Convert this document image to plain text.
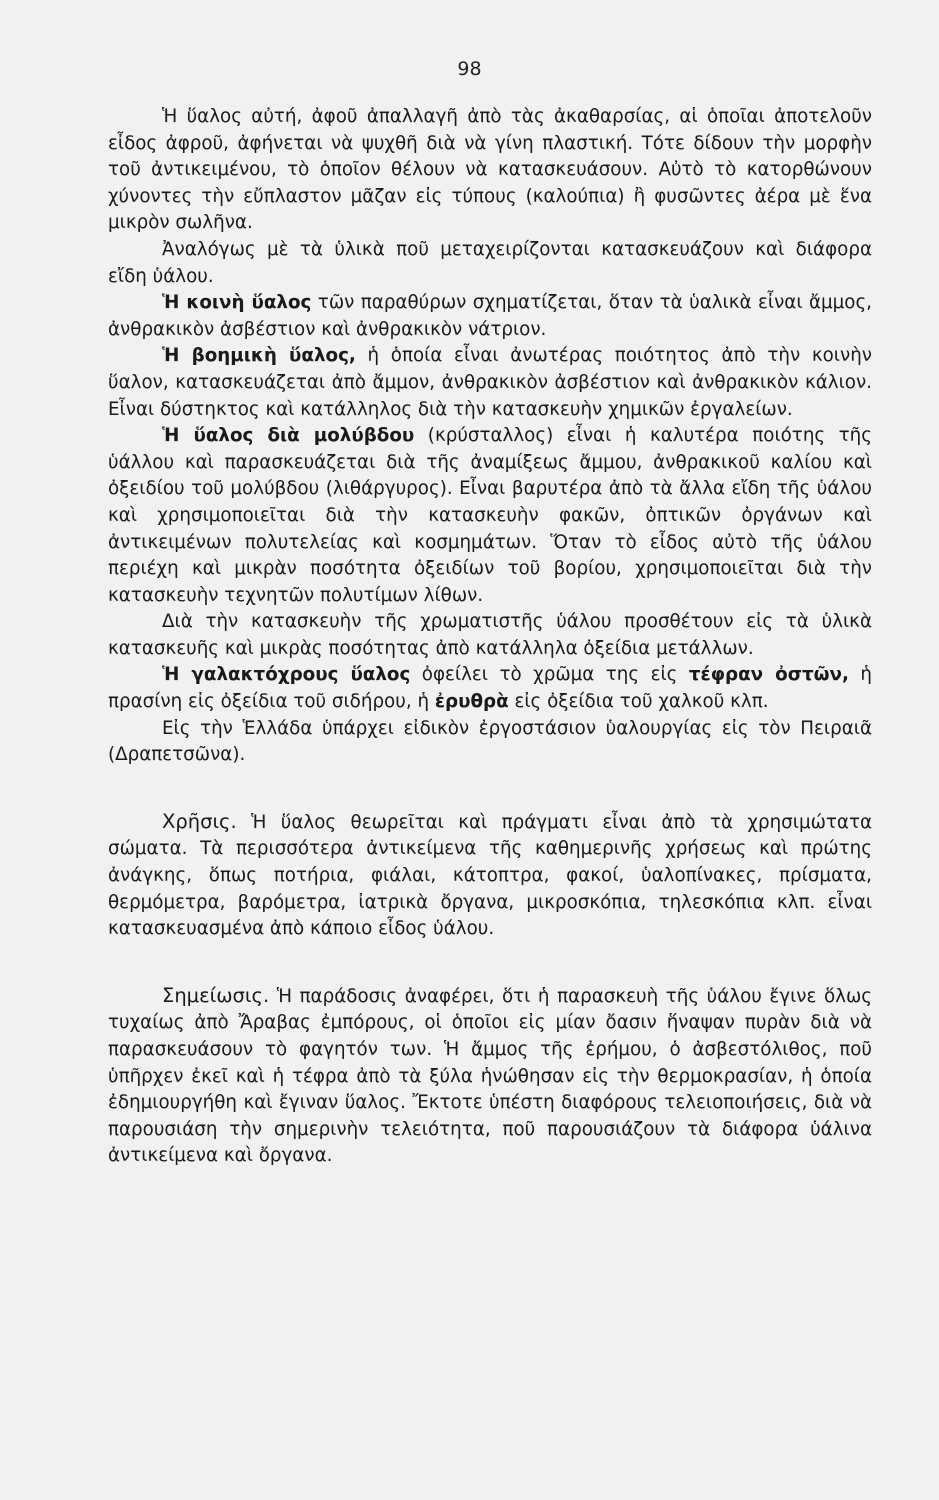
98

Ἡ ὕαλος αὐτή, ἀφοῦ ἀπαλλαγῆ ἀπὸ τὰς ἀκαθαρσίας, αἱ ὁποῖαι ἀποτελοῦν εἶδος ἀφροῦ, ἀφήνεται νὰ ψυχθῆ διὰ νὰ γίνη πλαστική. Τότε δίδουν τὴν μορφὴν τοῦ ἀντικειμένου, τὸ ὁποῖον θέλουν νὰ κατασκευάσουν. Αὐτὸ τὸ κατορθώνουν χύνοντες τὴν εὔπλαστον μᾶζαν εἰς τύπους (καλούπια) ἢ φυσῶντες ἀέρα μὲ ἕνα μικρὸν σωλῆνα.

Ἀναλόγως μὲ τὰ ὑλικὰ ποῦ μεταχειρίζονται κατασκευάζουν καὶ διάφορα εἴδη ὑάλου.

Ἡ κοινὴ ὕαλος τῶν παραθύρων σχηματίζεται, ὅταν τὰ ὑαλικὰ εἶναι ἄμμος, ἀνθρακικὸν ἀσβέστιον καὶ ἀνθρακικὸν νάτριον.

Ἡ βοημικὴ ὕαλος, ἡ ὁποία εἶναι ἀνωτέρας ποιότητος ἀπὸ τὴν κοινὴν ὕαλον, κατασκευάζεται ἀπὸ ἄμμον, ἀνθρακικὸν ἀσβέστιον καὶ ἀνθρακικὸν κάλιον. Εἶναι δύστηκτος καὶ κατάλληλος διὰ τὴν κατασκευὴν χημικῶν ἐργαλείων.

Ἡ ὕαλος διὰ μολύβδου (κρύσταλλος) εἶναι ἡ καλυτέρα ποιότης τῆς ὑάλλου καὶ παρασκευάζεται διὰ τῆς ἀναμίξεως ἄμμου, ἀνθρακικοῦ καλίου καὶ ὀξειδίου τοῦ μολύβδου (λιθάργυρος). Εἶναι βαρυτέρα ἀπὸ τὰ ἄλλα εἴδη τῆς ὑάλου καὶ χρησιμοποιεῖται διὰ τὴν κατασκευὴν φακῶν, ὀπτικῶν ὀργάνων καὶ ἀντικειμένων πολυτελείας καὶ κοσμημάτων. Ὅταν τὸ εἶδος αὐτὸ τῆς ὑάλου περιέχη καὶ μικρὰν ποσότητα ὀξειδίων τοῦ βορίου, χρησιμοποιεῖται διὰ τὴν κατασκευὴν τεχνητῶν πολυτίμων λίθων.

Διὰ τὴν κατασκευὴν τῆς χρωματιστῆς ὑάλου προσθέτουν εἰς τὰ ὑλικὰ κατασκευῆς καὶ μικρὰς ποσότητας ἀπὸ κατάλληλα ὀξείδια μετάλλων.

Ἡ γαλακτόχρους ὕαλος ὀφείλει τὸ χρῶμα της εἰς τέφραν ὀστῶν, ἡ πρασίνη εἰς ὀξείδια τοῦ σιδήρου, ἡ ἐρυθρὰ εἰς ὀξείδια τοῦ χαλκοῦ κλπ.

Εἰς τὴν Ἑλλάδα ὑπάρχει εἰδικὸν ἐργοστάσιον ὑαλουργίας εἰς τὸν Πειραιᾶ (Δραπετσῶνα).

Χρῆσις. Ἡ ὕαλος θεωρεῖται καὶ πράγματι εἶναι ἀπὸ τὰ χρησιμώτατα σώματα. Τὰ περισσότερα ἀντικείμενα τῆς καθημερινῆς χρήσεως καὶ πρώτης ἀνάγκης, ὅπως ποτήρια, φιάλαι, κάτοπτρα, φακοί, ὑαλοπίνακες, πρίσματα, θερμόμετρα, βαρόμετρα, ἰατρικὰ ὄργανα, μικροσκόπια, τηλεσκόπια κλπ. εἶναι κατασκευασμένα ἀπὸ κάποιο εἶδος ὑάλου.

Σημείωσις. Ἡ παράδοσις ἀναφέρει, ὅτι ἡ παρασκευὴ τῆς ὑάλου ἔγινε ὅλως τυχαίως ἀπὸ Ἄραβας ἐμπόρους, οἱ ὁποῖοι εἰς μίαν ὄασιν ἥναψαν πυρὰν διὰ νὰ παρασκευάσουν τὸ φαγητόν των. Ἡ ἄμμος τῆς ἐρήμου, ὁ ἀσβεστόλιθος, ποῦ ὑπῆρχεν ἐκεῖ καὶ ἡ τέφρα ἀπὸ τὰ ξύλα ἡνώθησαν εἰς τὴν θερμοκρασίαν, ἡ ὁποία ἐδημιουργήθη καὶ ἔγιναν ὕαλος. Ἔκτοτε ὑπέστη διαφόρους τελειοποιήσεις, διὰ νὰ παρουσιάση τὴν σημερινὴν τελειότητα, ποῦ παρουσιάζουν τὰ διάφορα ὑάλινα ἀντικείμενα καὶ ὄργανα.
